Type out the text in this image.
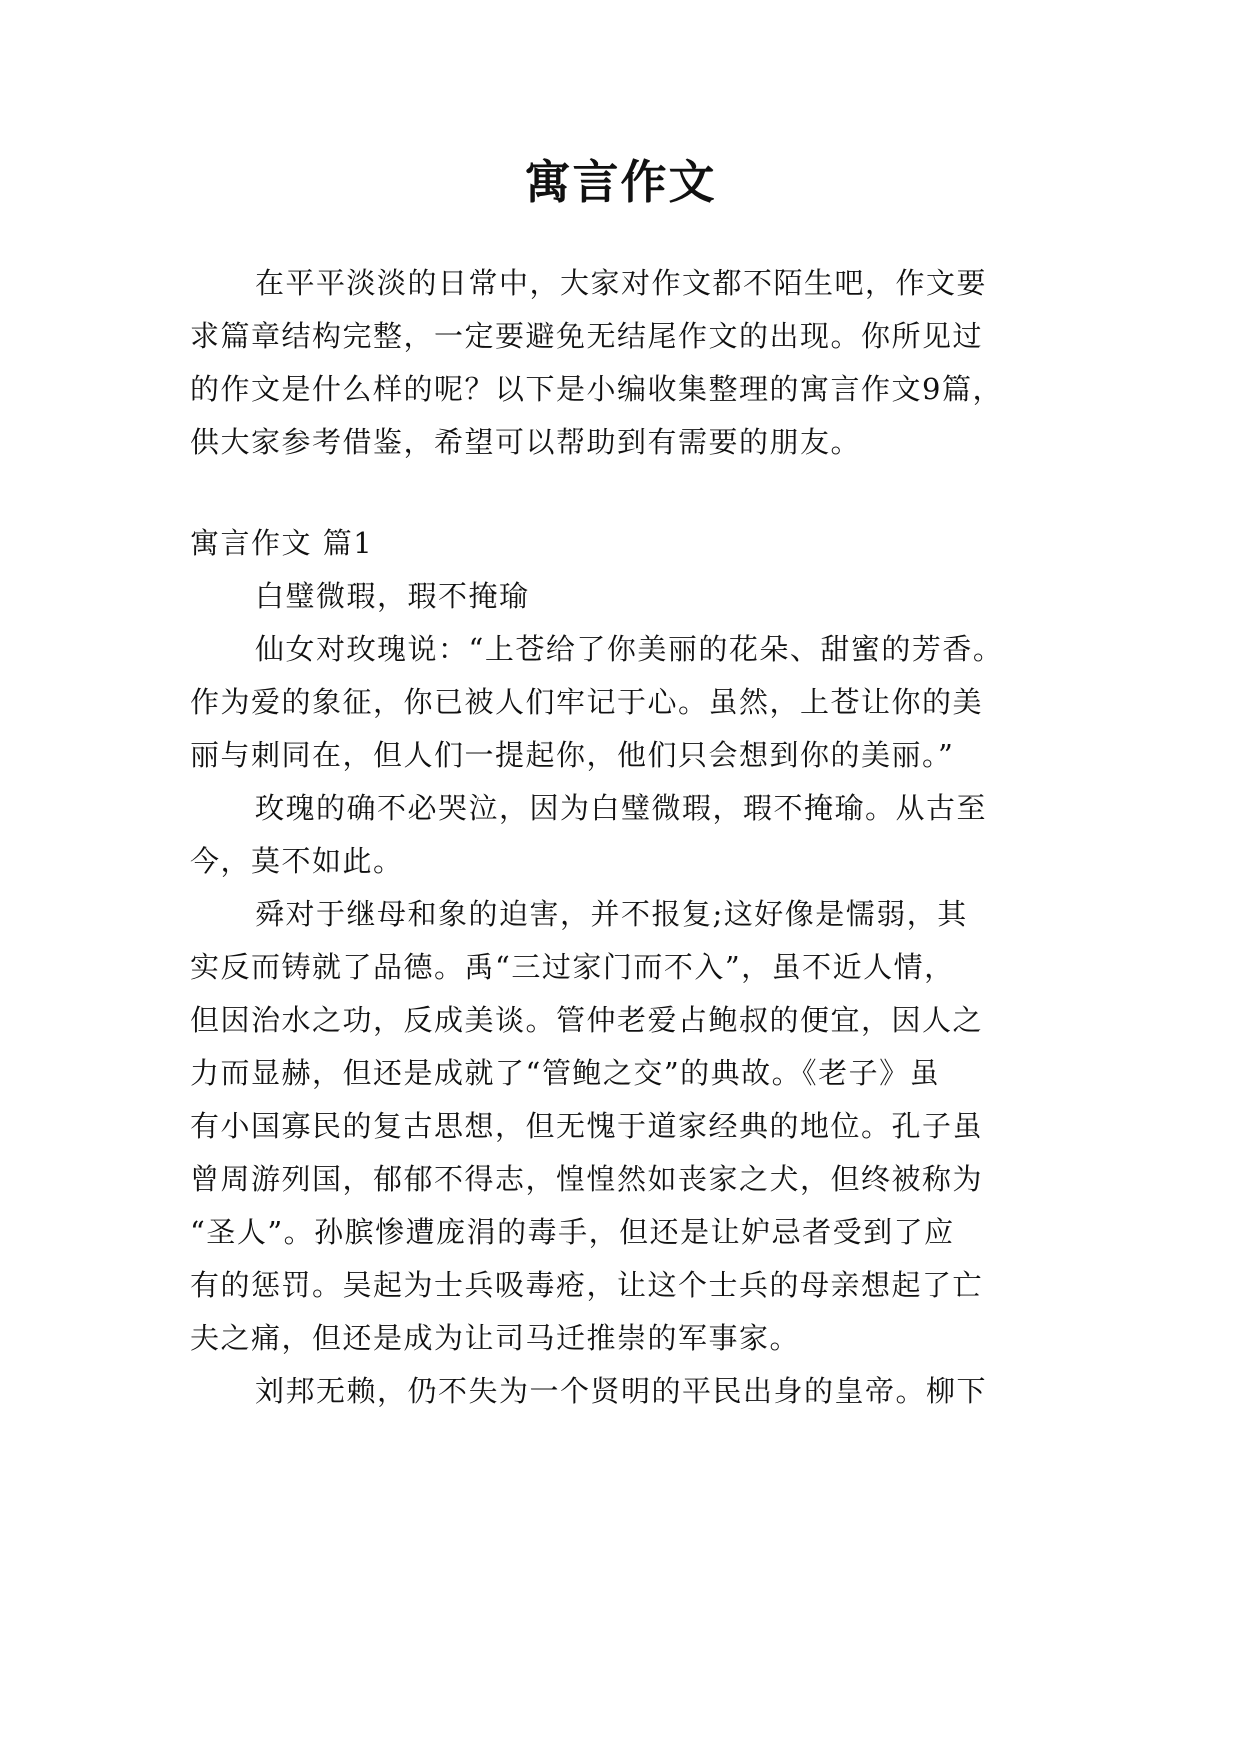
寓言作文

在平平淡淡的日常中，大家对作文都不陌生吧，作文要

求篇章结构完整，一定要避免无结尾作文的出现。你所见过

的作文是什么样的呢？以下是小编收集整理的寓言作文9篇，

供大家参考借鉴，希望可以帮助到有需要的朋友。

寓言作文 篇1

白璧微瑕，瑕不掩瑜

仙女对玫瑰说：“上苍给了你美丽的花朵、甜蜜的芳香。

作为爱的象征，你已被人们牢记于心。虽然，上苍让你的美

丽与刺同在，但人们一提起你，他们只会想到你的美丽。”

玫瑰的确不必哭泣，因为白璧微瑕，瑕不掩瑜。从古至

今，莫不如此。

舜对于继母和象的迫害，并不报复;这好像是懦弱，其

实反而铸就了品德。禹“三过家门而不入”，虽不近人情，

但因治水之功，反成美谈。管仲老爱占鲍叔的便宜，因人之

力而显赫，但还是成就了“管鲍之交”的典故。《老子》虽

有小国寡民的复古思想，但无愧于道家经典的地位。孔子虽

曾周游列国，郁郁不得志，惶惶然如丧家之犬，但终被称为

“圣人”。孙膑惨遭庞涓的毒手，但还是让妒忌者受到了应

有的惩罚。吴起为士兵吸毒疮，让这个士兵的母亲想起了亡

夫之痛，但还是成为让司马迁推崇的军事家。

刘邦无赖，仍不失为一个贤明的平民出身的皇帝。柳下
